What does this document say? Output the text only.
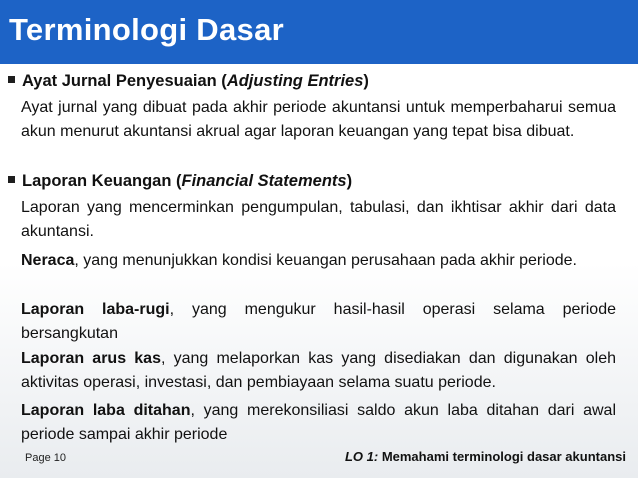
Terminologi Dasar
Ayat Jurnal Penyesuaian (Adjusting Entries)
Ayat jurnal yang dibuat pada akhir periode akuntansi untuk memperbaharui semua akun menurut akuntansi akrual agar laporan keuangan yang tepat bisa dibuat.
Laporan Keuangan (Financial Statements)
Laporan yang mencerminkan pengumpulan, tabulasi, dan ikhtisar akhir dari data akuntansi.
Neraca, yang menunjukkan kondisi keuangan perusahaan pada akhir periode.
Laporan laba-rugi, yang mengukur hasil-hasil operasi selama periode bersangkutan
Laporan arus kas, yang melaporkan kas yang disediakan dan digunakan oleh aktivitas operasi, investasi, dan pembiayaan selama suatu periode.
Laporan laba ditahan, yang merekonsiliasi saldo akun laba ditahan dari awal periode sampai akhir periode
Page 10	LO 1: Memahami terminologi dasar akuntansi
